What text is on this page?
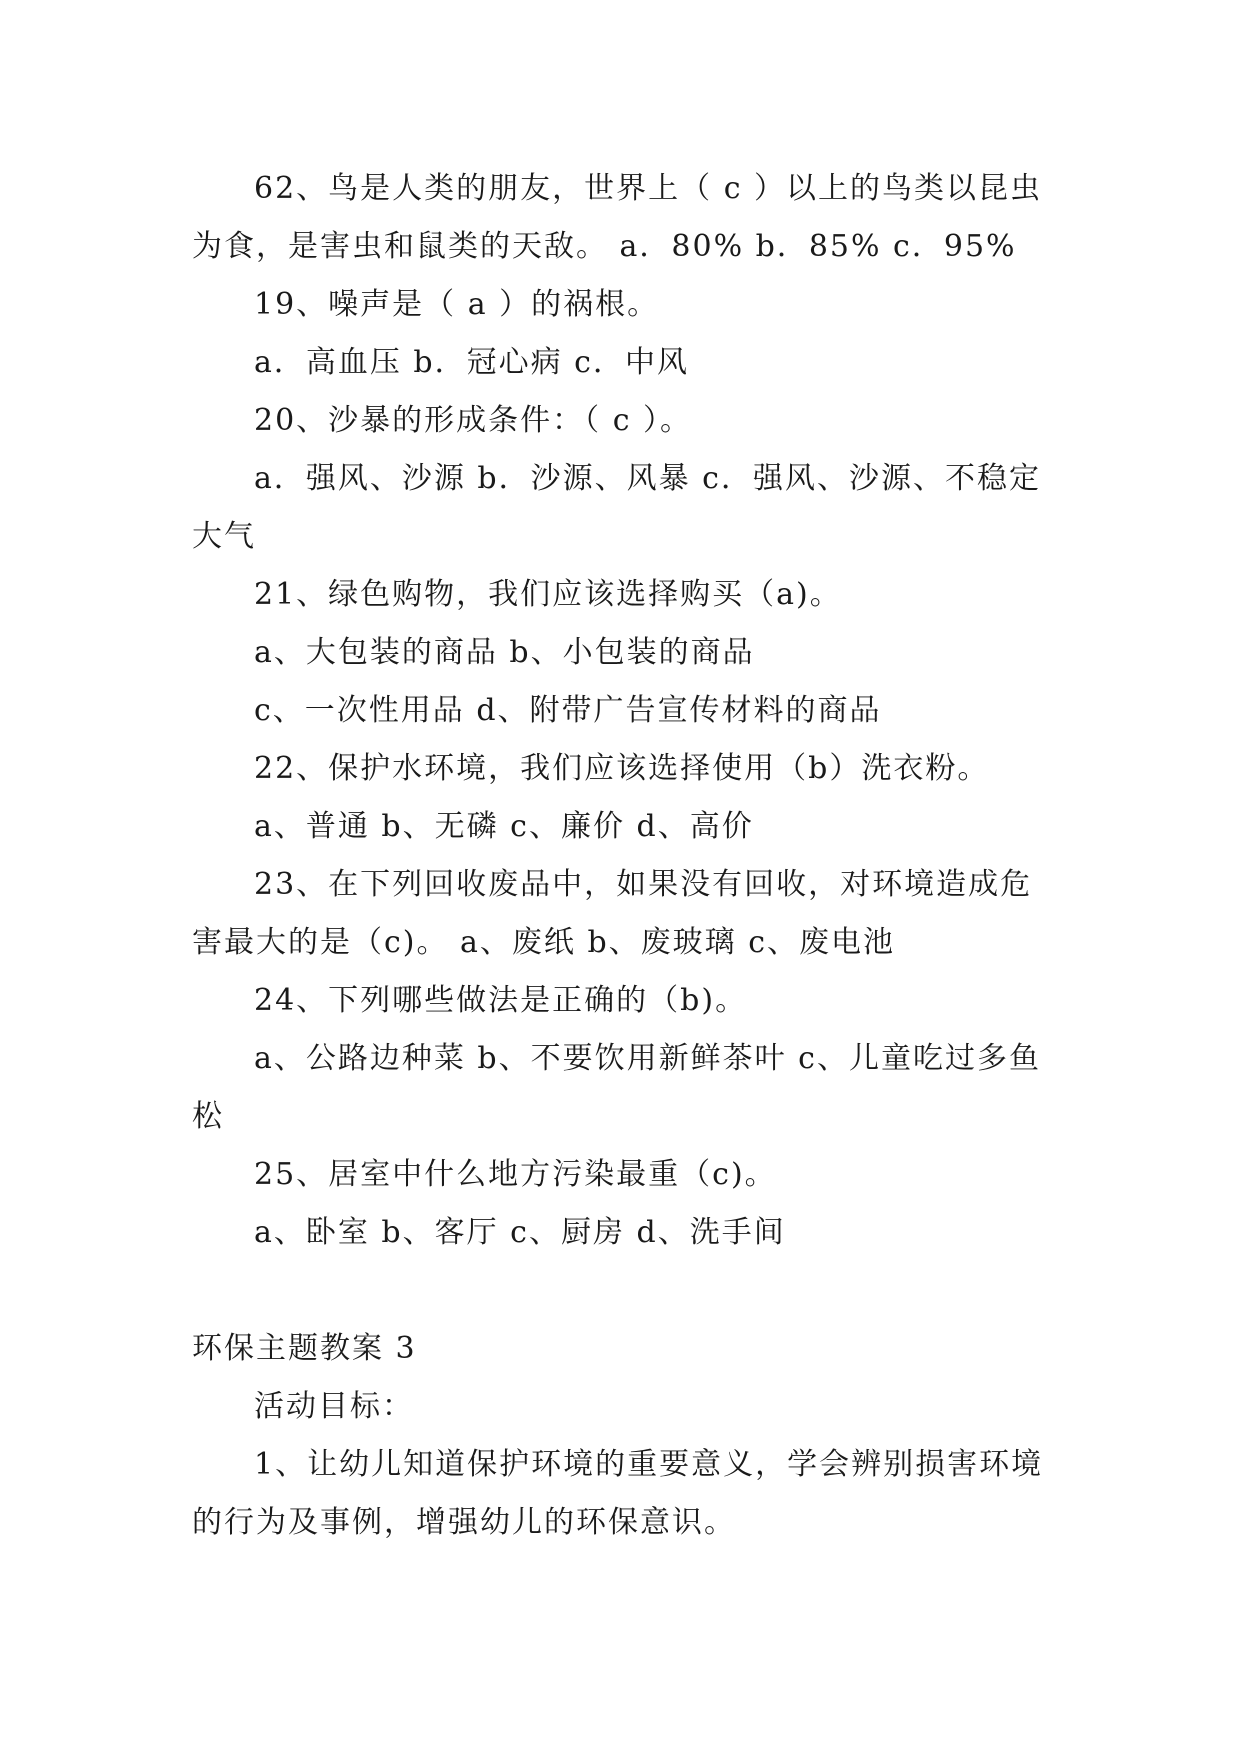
62、鸟是人类的朋友，世界上（ c ）以上的鸟类以昆虫为食，是害虫和鼠类的天敌。 a．80% b．85% c．95%

19、噪声是（ a ）的祸根。

a．高血压 b．冠心病 c．中风

20、沙暴的形成条件：（ c ）。

a．强风、沙源 b．沙源、风暴 c．强风、沙源、不稳定大气

21、绿色购物，我们应该选择购买（a)。

a、大包装的商品 b、小包装的商品

c、一次性用品 d、附带广告宣传材料的商品

22、保护水环境，我们应该选择使用（b）洗衣粉。

a、普通 b、无磷 c、廉价 d、高价

23、在下列回收废品中，如果没有回收，对环境造成危害最大的是（c)。 a、废纸 b、废玻璃 c、废电池

24、下列哪些做法是正确的（b)。

a、公路边种菜 b、不要饮用新鲜茶叶 c、儿童吃过多鱼松

25、居室中什么地方污染最重（c)。

a、卧室 b、客厅 c、厨房 d、洗手间

环保主题教案 3

活动目标：

1、让幼儿知道保护环境的重要意义，学会辨别损害环境的行为及事例，增强幼儿的环保意识。
